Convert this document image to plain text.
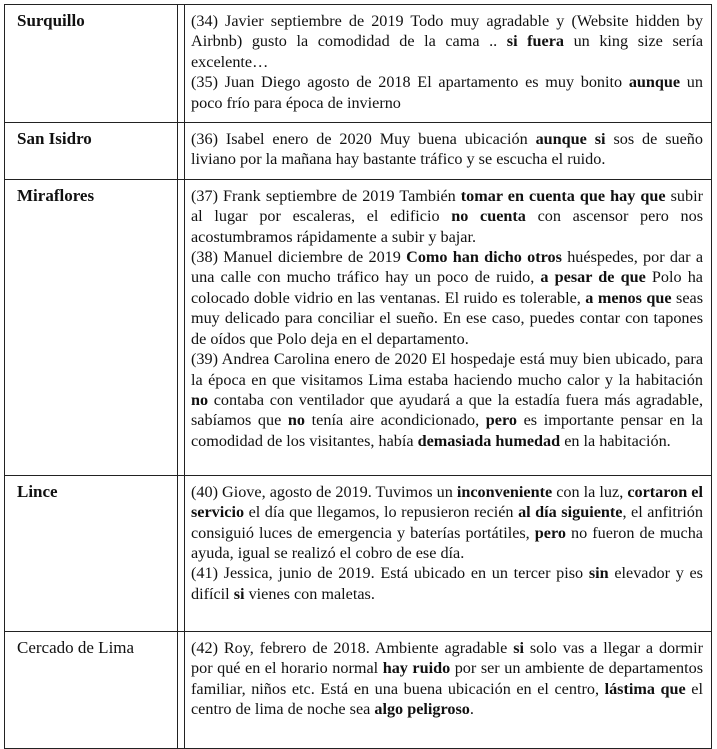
Surquillo		(34) Javier septiembre de 2019 Todo muy agradable y (Website hidden by Airbnb) gusto la comodidad de la cama .. si fuera un king size sería excelente…
(35) Juan Diego agosto de 2018 El apartamento es muy bonito aunque un poco frío para época de invierno

San Isidro		(36) Isabel enero de 2020 Muy buena ubicación aunque si sos de sueño liviano por la mañana hay bastante tráfico y se escucha el ruido.

Miraflores		(37) Frank septiembre de 2019 También tomar en cuenta que hay que subir al lugar por escaleras, el edificio no cuenta con ascensor pero nos acostumbramos rápidamente a subir y bajar.
(38) Manuel diciembre de 2019 Como han dicho otros huéspedes, por dar a una calle con mucho tráfico hay un poco de ruido, a pesar de que Polo ha colocado doble vidrio en las ventanas. El ruido es tolerable, a menos que seas muy delicado para conciliar el sueño. En ese caso, puedes contar con tapones de oídos que Polo deja en el departamento.
(39) Andrea Carolina enero de 2020 El hospedaje está muy bien ubicado, para la época en que visitamos Lima estaba haciendo mucho calor y la habitación no contaba con ventilador que ayudará a que la estadía fuera más agradable, sabíamos que no tenía aire acondicionado, pero es importante pensar en la comodidad de los visitantes, había demasiada humedad en la habitación.

Lince		(40) Giove, agosto de 2019. Tuvimos un inconveniente con la luz, cortaron el servicio el día que llegamos, lo repusieron recién al día siguiente, el anfitrión consiguió luces de emergencia y baterías portátiles, pero no fueron de mucha ayuda, igual se realizó el cobro de ese día.
(41) Jessica, junio de 2019. Está ubicado en un tercer piso sin elevador y es difícil si vienes con maletas.

Cercado de Lima		(42) Roy, febrero de 2018. Ambiente agradable si solo vas a llegar a dormir por qué en el horario normal hay ruido por ser un ambiente de departamentos familiar, niños etc. Está en una buena ubicación en el centro, lástima que el centro de lima de noche sea algo peligroso.
